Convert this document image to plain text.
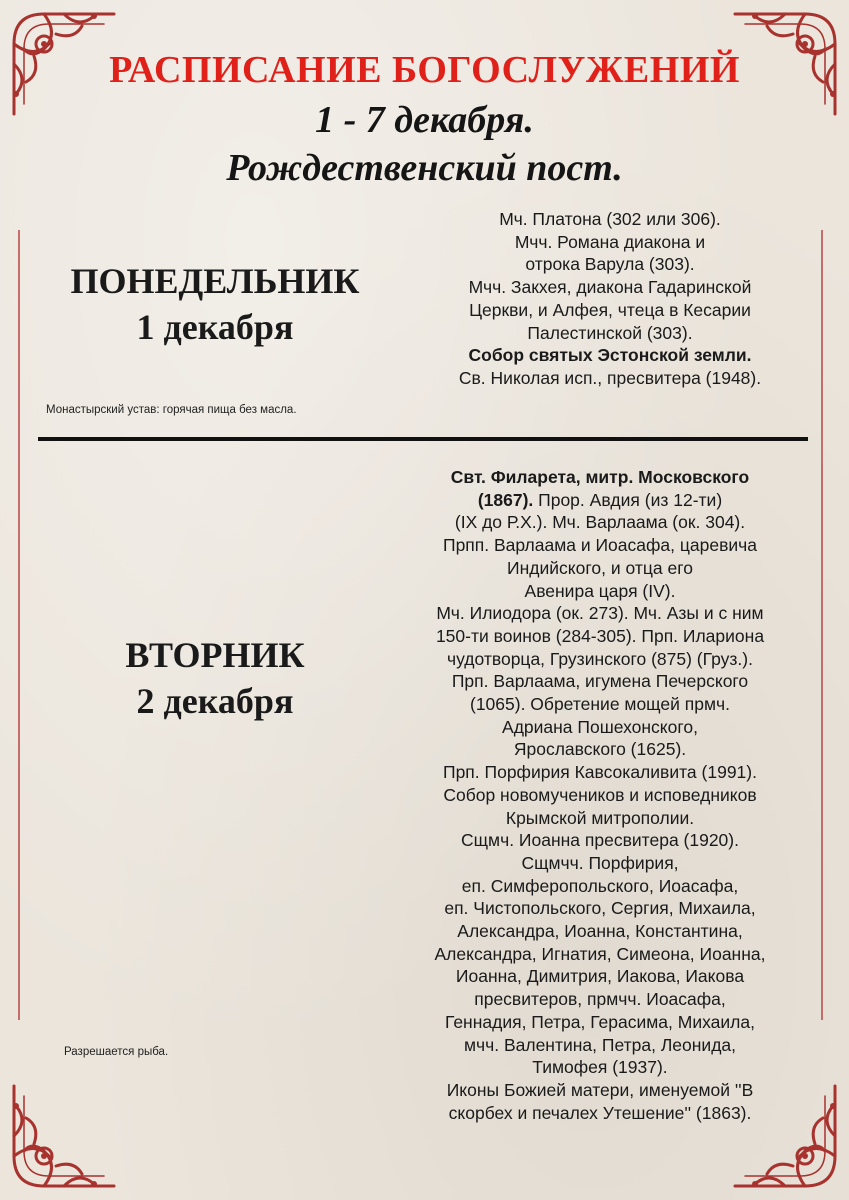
РАСПИСАНИЕ БОГОСЛУЖЕНИЙ
1 - 7 декабря.
Рождественский пост.
ПОНЕДЕЛЬНИК
1 декабря
Мч. Платона (302 или 306).
Мчч. Романа диакона и
отрока Варула (303).
Мчч. Закхея, диакона Гадаринской
Церкви, и Алфея, чтеца в Кесарии
Палестинской (303).
Собор святых Эстонской земли.
Св. Николая исп., пресвитера (1948).
Монастырский устав: горячая пища без масла.
ВТОРНИК
2 декабря
Свт. Филарета, митр. Московского
(1867). Прор. Авдия (из 12-ти)
(IX до Р.Х.). Мч. Варлаама (ок. 304).
Прпп. Варлаама и Иоасафа, царевича
Индийского, и отца его
Авенира царя (IV).
Мч. Илиодора (ок. 273). Мч. Азы и с ним
150-ти воинов (284-305). Прп. Илариона
чудотворца, Грузинского (875) (Груз.).
Прп. Варлаама, игумена Печерского
(1065). Обретение мощей прмч.
Адриана Пошехонского,
Ярославского (1625).
Прп. Порфирия Кавсокаливита (1991).
Собор новомучеников и исповедников
Крымской митрополии.
Сщмч. Иоанна пресвитера (1920).
Сщмчч. Порфирия,
еп. Симферопольского, Иоасафа,
еп. Чистопольского, Сергия, Михаила,
Александра, Иоанна, Константина,
Александра, Игнатия, Симеона, Иоанна,
Иоанна, Димитрия, Иакова, Иакова
пресвитеров, прмчч. Иоасафа,
Геннадия, Петра, Герасима, Михаила,
мчч. Валентина, Петра, Леонида,
Тимофея (1937).
Иконы Божией матери, именуемой ''В
скорбех и печалех Утешение'' (1863).
Разрешается рыба.
